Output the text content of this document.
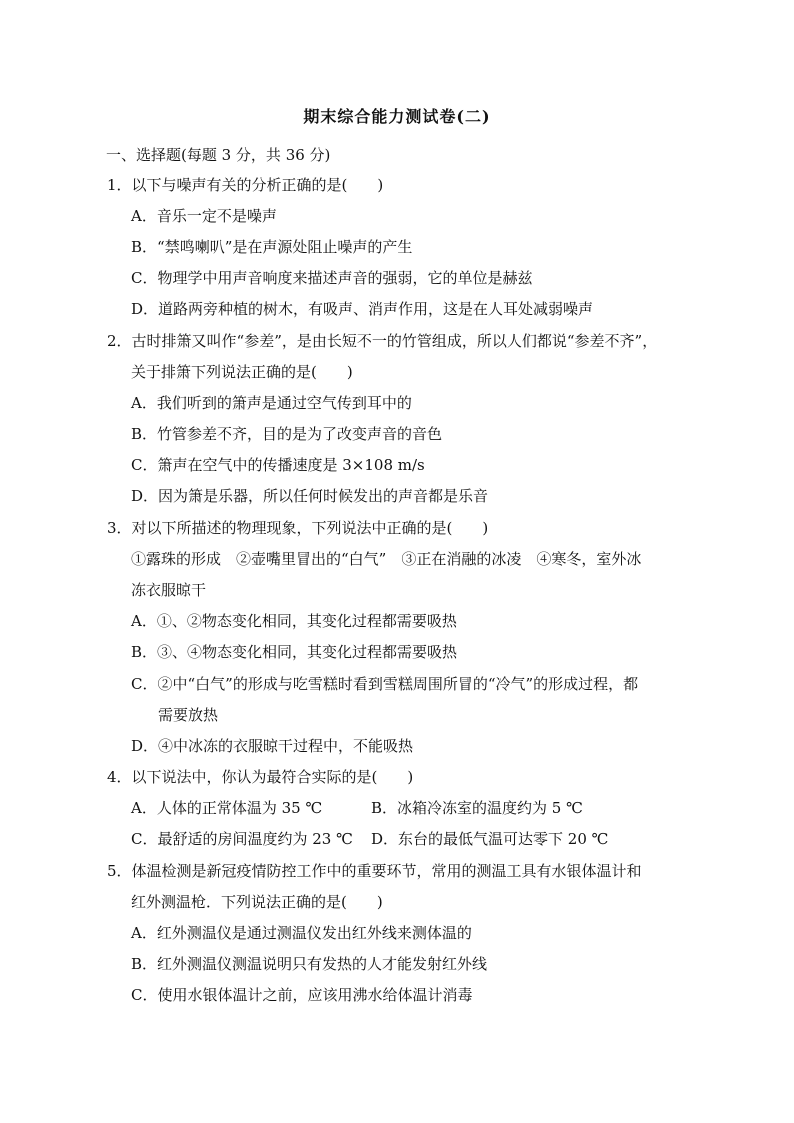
期末综合能力测试卷(二)
一、选择题(每题 3 分，共 36 分)
1．以下与噪声有关的分析正确的是(　　)
A．音乐一定不是噪声
B．“禁鸣喇叭”是在声源处阻止噪声的产生
C．物理学中用声音响度来描述声音的强弱，它的单位是赫兹
D．道路两旁种植的树木，有吸声、消声作用，这是在人耳处减弱噪声
2．古时排箫又叫作“参差”，是由长短不一的竹管组成，所以人们都说“参差不齐”，
关于排箫下列说法正确的是(　　)
A．我们听到的箫声是通过空气传到耳中的
B．竹管参差不齐，目的是为了改变声音的音色
C．箫声在空气中的传播速度是 3×108 m/s
D．因为箫是乐器，所以任何时候发出的声音都是乐音
3．对以下所描述的物理现象，下列说法中正确的是(　　)
①露珠的形成　②壶嘴里冒出的“白气”　③正在消融的冰凌　④寒冬，室外冰
冻衣服晾干
A．①、②物态变化相同，其变化过程都需要吸热
B．③、④物态变化相同，其变化过程都需要吸热
C．②中“白气”的形成与吃雪糕时看到雪糕周围所冒的“冷气”的形成过程，都
需要放热
D．④中冰冻的衣服晾干过程中，不能吸热
4．以下说法中，你认为最符合实际的是(　　)
A．人体的正常体温为 35 ℃	B．冰箱冷冻室的温度约为 5 ℃
C．最舒适的房间温度约为 23 ℃ D．东台的最低气温可达零下 20 ℃
5．体温检测是新冠疫情防控工作中的重要环节，常用的测温工具有水银体温计和
红外测温枪．下列说法正确的是(　　)
A．红外测温仪是通过测温仪发出红外线来测体温的
B．红外测温仪测温说明只有发热的人才能发射红外线
C．使用水银体温计之前，应该用沸水给体温计消毒
